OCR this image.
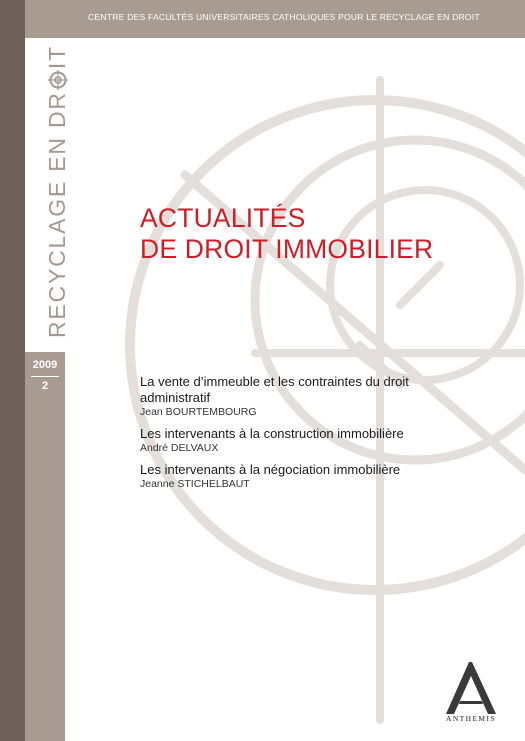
CENTRE DES FACULTÉS UNIVERSITAIRES CATHOLIQUES POUR LE RECYCLAGE EN DROIT
RECYCLAGE EN DR
IT
2009
2
ACTUALITÉS
DE DROIT IMMOBILIER
La vente d’immeuble et les contraintes du droit
administratif
Jean BOURTEMBOURG
Les intervenants à la construction immobilière
André DELVAUX
Les intervenants à la négociation immobilière
Jeanne STICHELBAUT
ANTHEMIS
